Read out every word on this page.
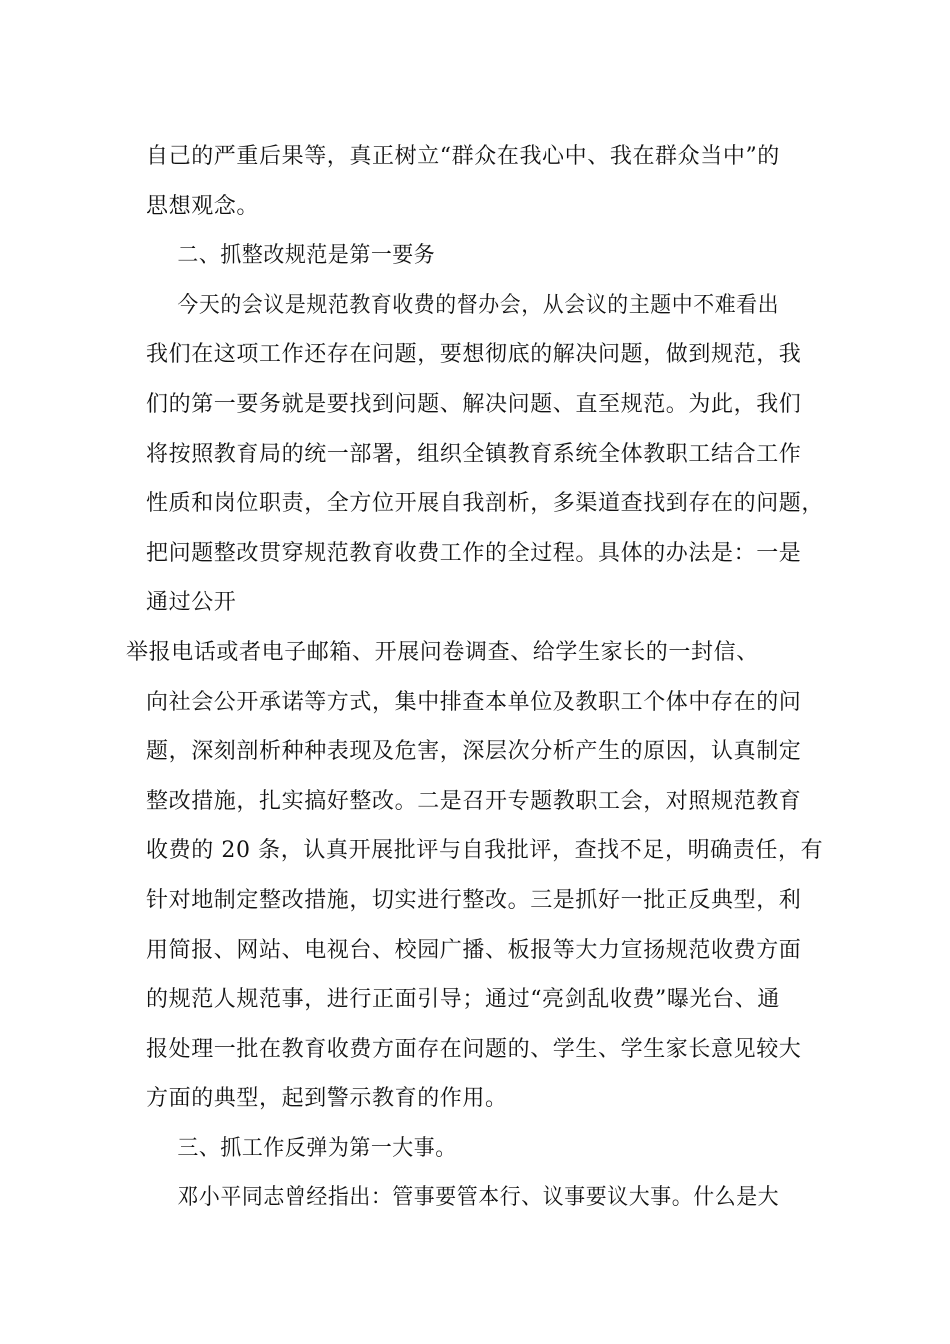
自己的严重后果等，真正树立“群众在我心中、我在群众当中”的
思想观念。
二、抓整改规范是第一要务
今天的会议是规范教育收费的督办会，从会议的主题中不难看出
我们在这项工作还存在问题，要想彻底的解决问题，做到规范，我
们的第一要务就是要找到问题、解决问题、直至规范。为此，我们
将按照教育局的统一部署，组织全镇教育系统全体教职工结合工作
性质和岗位职责，全方位开展自我剖析，多渠道查找到存在的问题，
把问题整改贯穿规范教育收费工作的全过程。具体的办法是：一是
通过公开
举报电话或者电子邮箱、开展问卷调查、给学生家长的一封信、
向社会公开承诺等方式，集中排查本单位及教职工个体中存在的问
题，深刻剖析种种表现及危害，深层次分析产生的原因，认真制定
整改措施，扎实搞好整改。二是召开专题教职工会，对照规范教育
收费的 20 条，认真开展批评与自我批评，查找不足，明确责任，有
针对地制定整改措施，切实进行整改。三是抓好一批正反典型，利
用简报、网站、电视台、校园广播、板报等大力宣扬规范收费方面
的规范人规范事，进行正面引导；通过“亮剑乱收费”曝光台、通
报处理一批在教育收费方面存在问题的、学生、学生家长意见较大
方面的典型，起到警示教育的作用。
三、抓工作反弹为第一大事。
邓小平同志曾经指出：管事要管本行、议事要议大事。什么是大
